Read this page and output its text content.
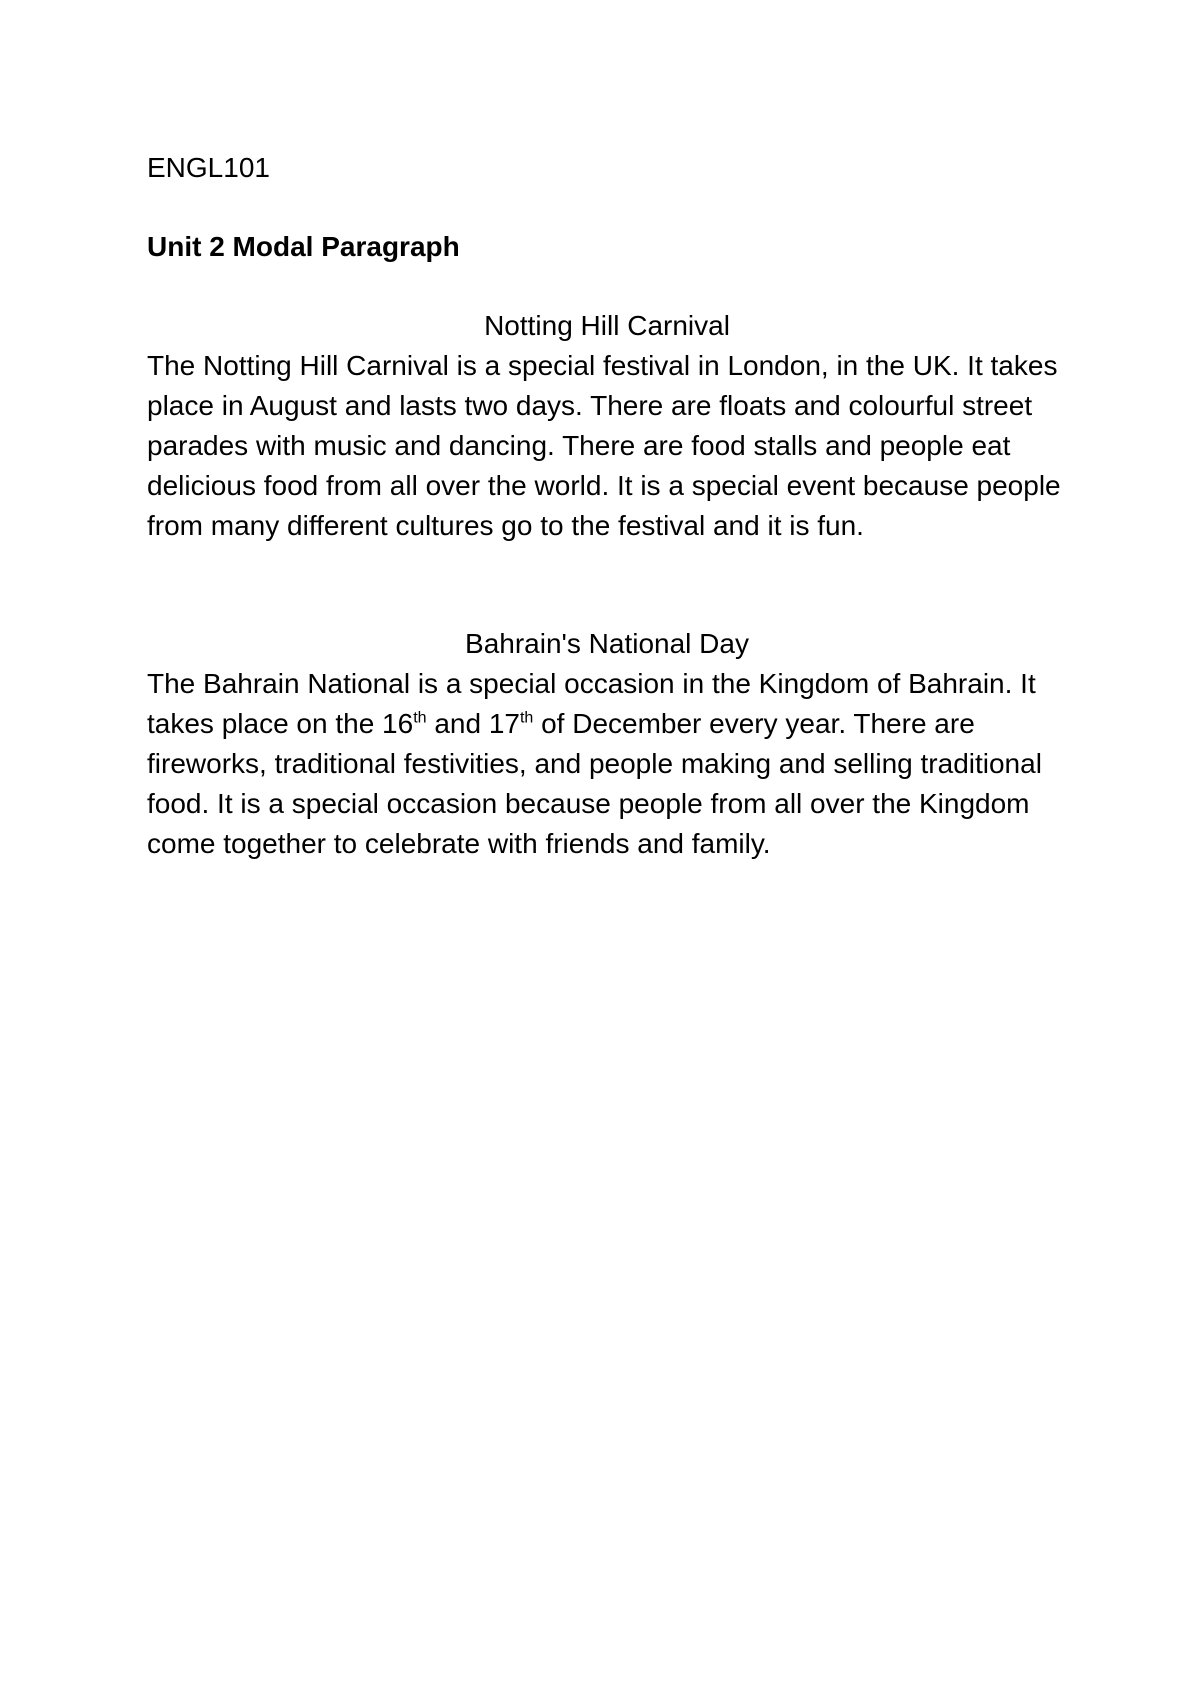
ENGL101

Unit 2 Modal Paragraph

Notting Hill Carnival

The Notting Hill Carnival is a special festival in London, in the UK. It takes place in August and lasts two days. There are floats and colourful street parades with music and dancing. There are food stalls and people eat delicious food from all over the world. It is a special event because people from many different cultures go to the festival and it is fun.

Bahrain's National Day

The Bahrain National is a special occasion in the Kingdom of Bahrain. It takes place on the 16th and 17th of December every year. There are fireworks, traditional festivities, and people making and selling traditional food. It is a special occasion because people from all over the Kingdom come together to celebrate with friends and family.
